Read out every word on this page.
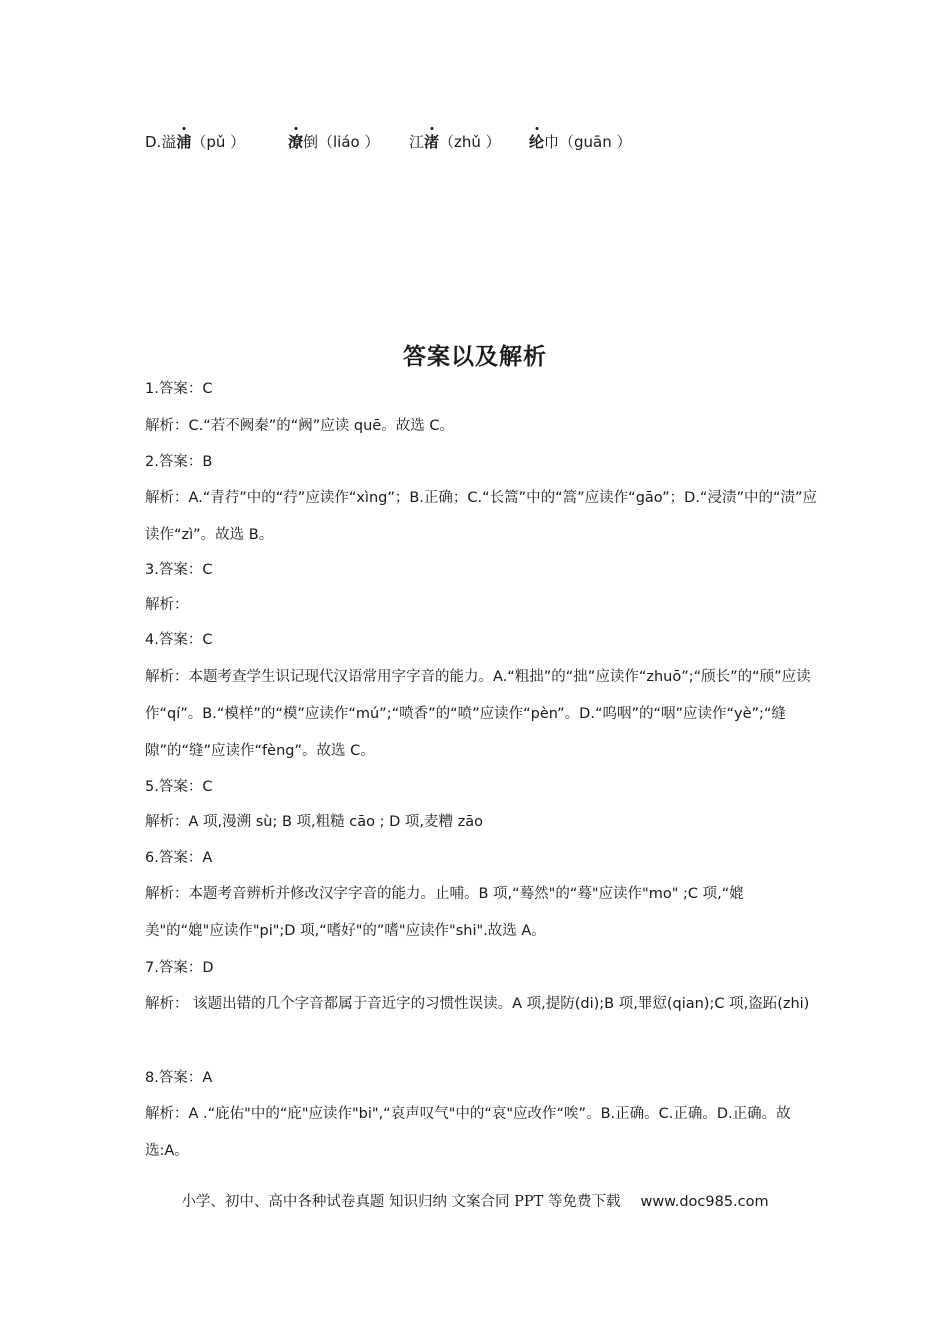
D.溢浦（pǔ ）	潦倒（liáo ） 江渚（zhǔ ） 纶巾（guān ）
答案以及解析
1.答案：C
解析：C.“若不阙秦”的“阙”应读 quē。故选 C。
2.答案：B
解析：A.“青荇”中的“荇”应读作“xìng”；B.正确；C.“长篙”中的“篙”应读作“gāo”；D.“浸渍”中的“渍”应读作“zì”。故选 B。
3.答案：C
解析：
4.答案：C
解析：本题考查学生识记现代汉语常用字字音的能力。A.“粗拙”的“拙”应读作“zhuō”;“颀长”的“颀”应读作“qí”。B.“模样”的“模”应读作“mú”;“喷香”的“喷”应读作“pèn”。D.“呜咽”的“咽”应读作“yè”;“缝隙”的“缝”应读作“fèng”。故选 C。
5.答案：C
解析：A 项,漫溯 sù; B 项,粗糙 cāo ; D 项,麦糟 zāo
6.答案：A
解析：本题考音辨析并修改汉字字音的能力。止哺。B 项,“蓦然"的“蓦"应读作"mo" ;C 项,“媲美"的“媲"应读作"pi";D 项,“嗜好"的”嗜"应读作"shi".故选 A。
7.答案：D
解析： 该题出错的几个字音都属于音近字的习惯性误读。A 项,提防(di);B 项,罪愆(qian);C 项,盗跖(zhi)
8.答案：A
解析：A .“庇佑"中的“庇"应读作"bi",“哀声叹气"中的“哀"应改作“唉”。B.正确。C.正确。D.正确。故选:A。
小学、初中、高中各种试卷真题 知识归纳 文案合同 PPT 等免费下载 www.doc985.com
